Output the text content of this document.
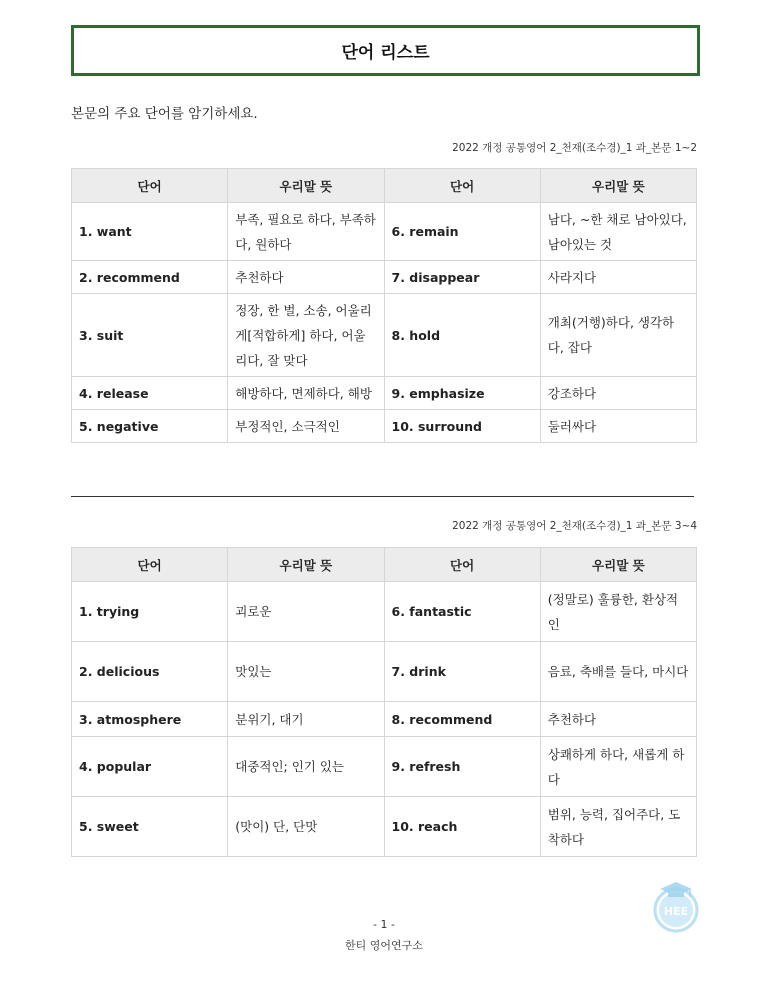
단어 리스트
본문의 주요 단어를 암기하세요.
2022 개정 공통영어 2_천재(조수경)_1 과_본문 1~2
단어	우리말 뜻	단어	우리말 뜻
1. want	부족, 필요로 하다, 부족하다, 원하다	6. remain	남다, ~한 채로 남아있다, 남아있는 것
2. recommend	추천하다	7. disappear	사라지다
3. suit	정장, 한 벌, 소송, 어울리게[적합하게] 하다, 어울리다, 잘 맞다	8. hold	개최(거행)하다, 생각하다, 잡다
4. release	해방하다, 면제하다, 해방	9. emphasize	강조하다
5. negative	부정적인, 소극적인	10. surround	둘러싸다
2022 개정 공통영어 2_천재(조수경)_1 과_본문 3~4
단어	우리말 뜻	단어	우리말 뜻
1. trying	괴로운	6. fantastic	(정말로) 훌륭한, 환상적인
2. delicious	맛있는	7. drink	음료, 축배를 들다, 마시다
3. atmosphere	분위기, 대기	8. recommend	추천하다
4. popular	대중적인; 인기 있는	9. refresh	상쾌하게 하다, 새롭게 하다
5. sweet	(맛이) 단, 단맛	10. reach	범위, 능력, 집어주다, 도착하다
- 1 -
한티 영어연구소
HEE
